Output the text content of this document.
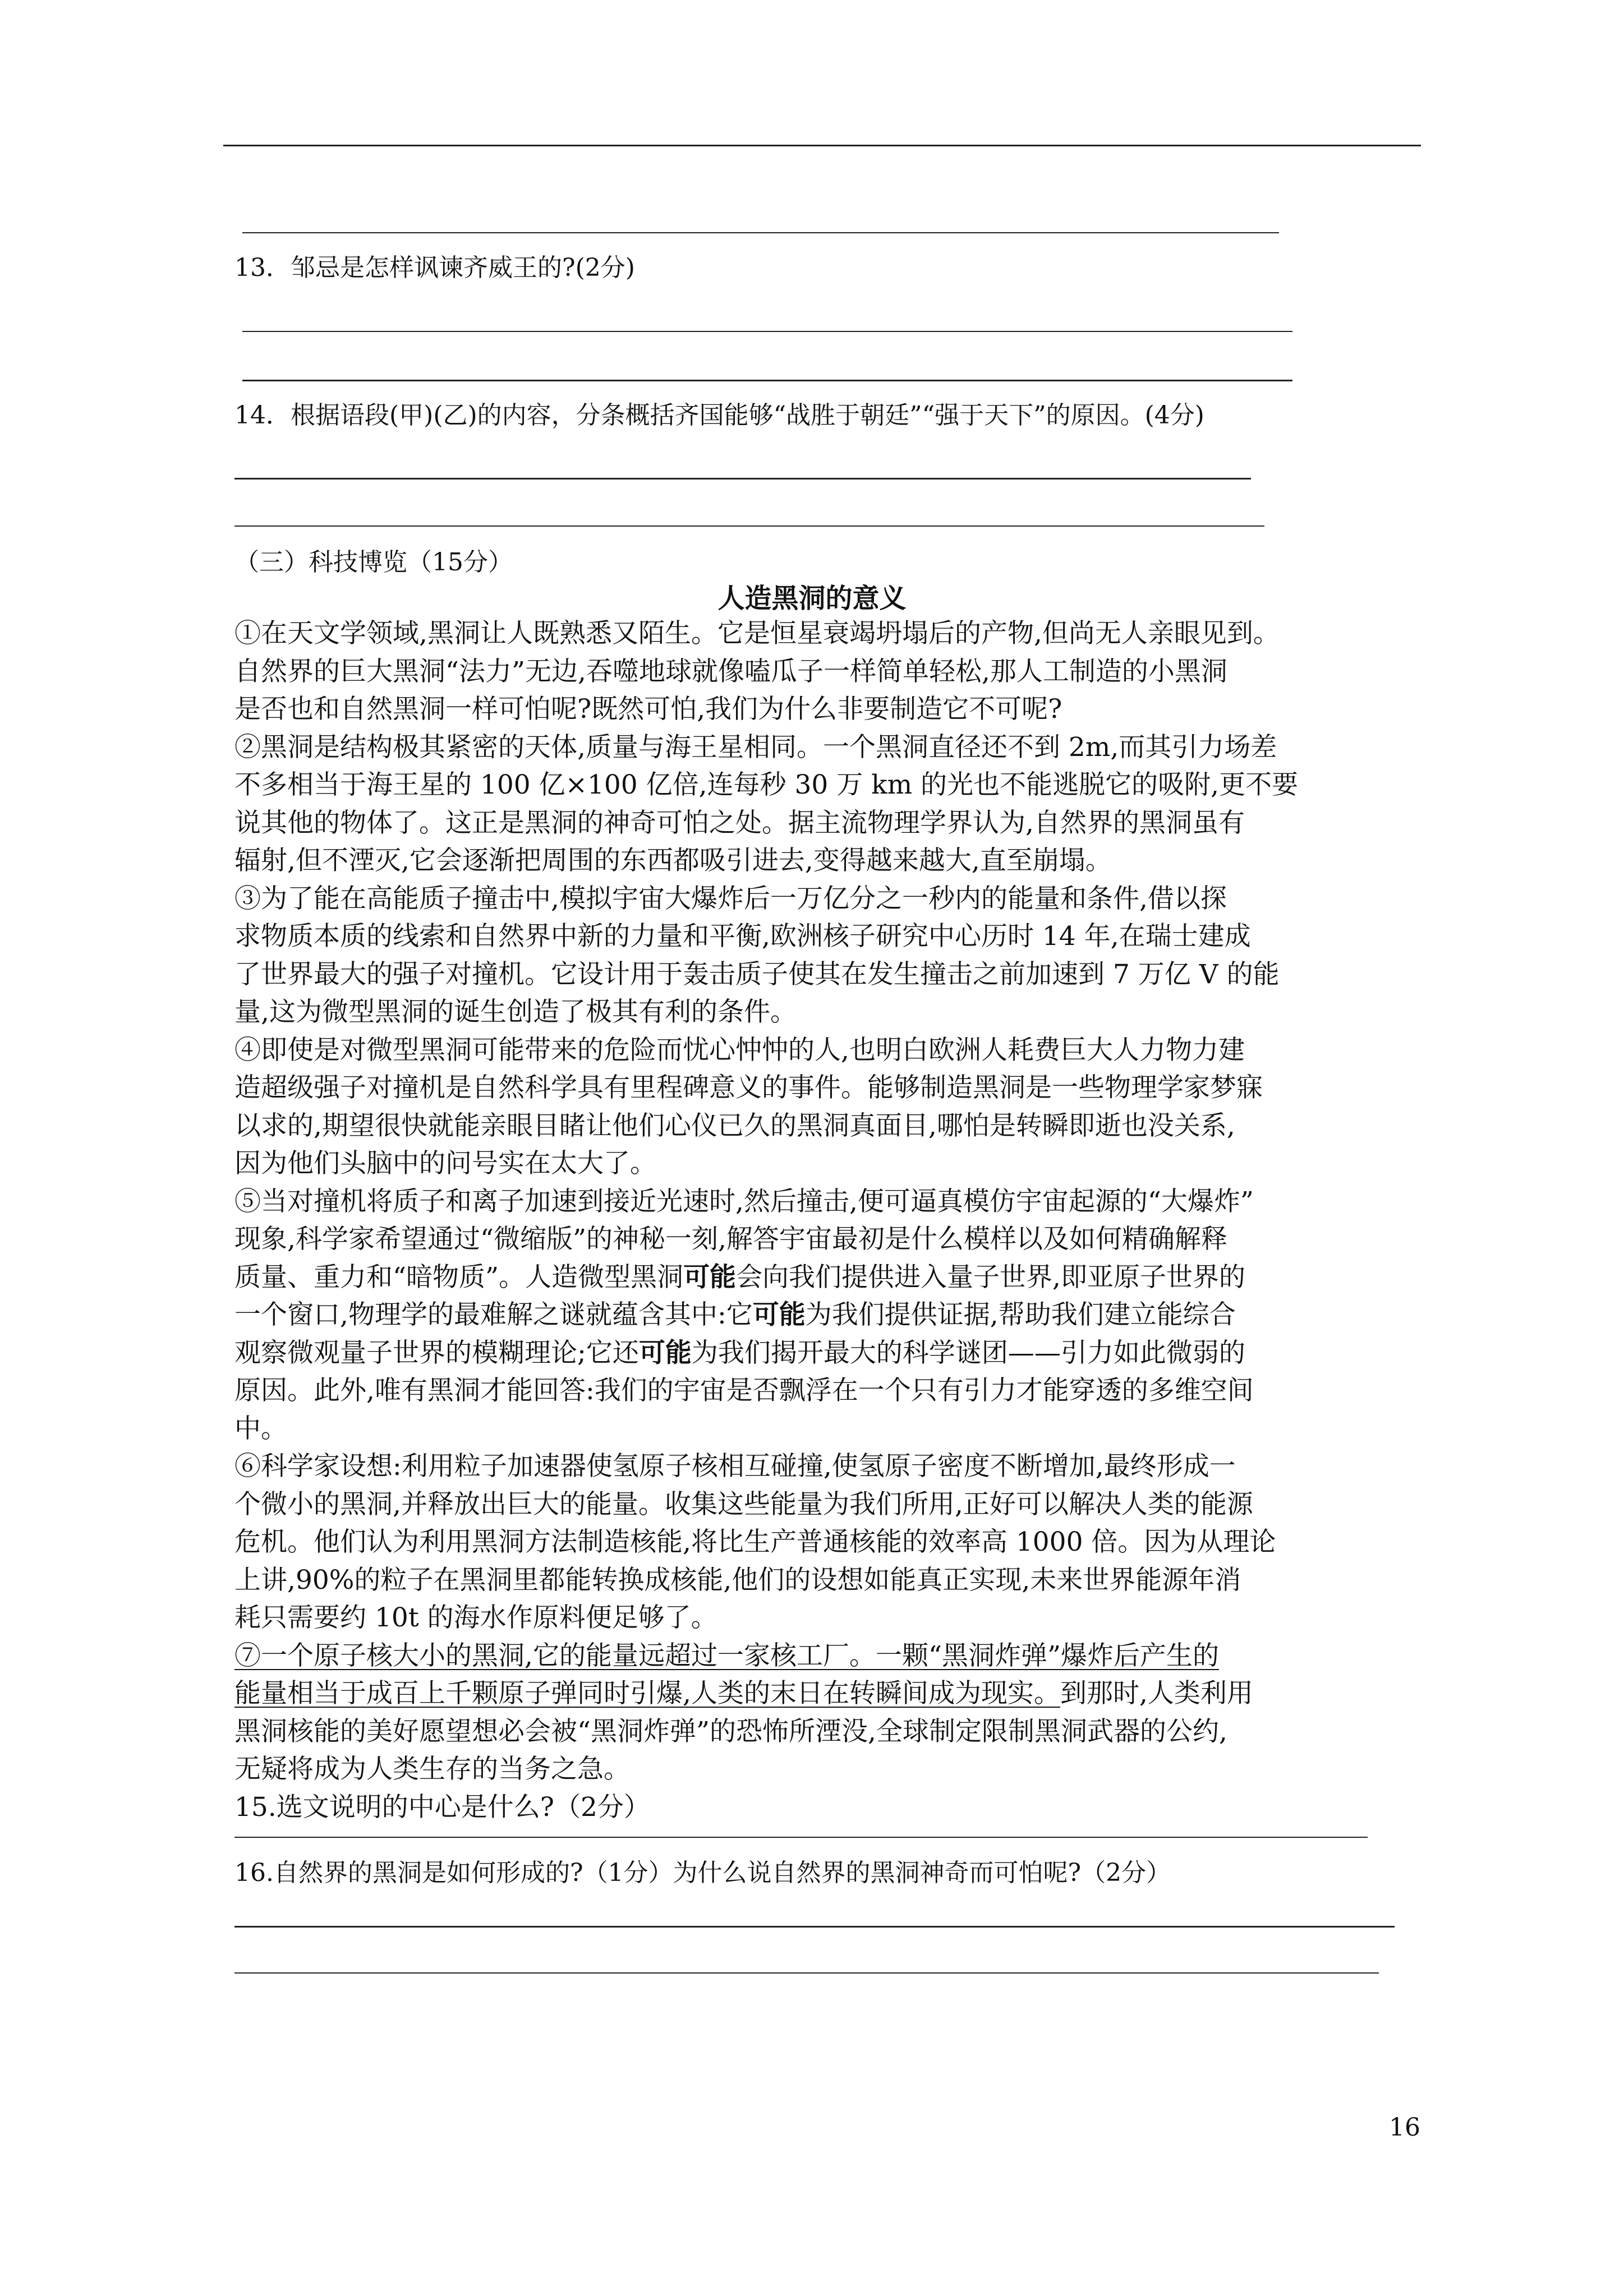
13．邹忌是怎样讽谏齐威王的?(2分)
14．根据语段(甲)(乙)的内容，分条概括齐国能够“战胜于朝廷”“强于天下”的原因。(4分)
（三）科技博览（15分）
人造黑洞的意义
①在天文学领域,黑洞让人既熟悉又陌生。它是恒星衰竭坍塌后的产物,但尚无人亲眼见到。
自然界的巨大黑洞“法力”无边,吞噬地球就像嗑瓜子一样简单轻松,那人工制造的小黑洞
是否也和自然黑洞一样可怕呢?既然可怕,我们为什么非要制造它不可呢?
②黑洞是结构极其紧密的天体,质量与海王星相同。一个黑洞直径还不到 2m,而其引力场差
不多相当于海王星的 100 亿×100 亿倍,连每秒 30 万 km 的光也不能逃脱它的吸附,更不要
说其他的物体了。这正是黑洞的神奇可怕之处。据主流物理学界认为,自然界的黑洞虽有
辐射,但不湮灭,它会逐渐把周围的东西都吸引进去,变得越来越大,直至崩塌。
③为了能在高能质子撞击中,模拟宇宙大爆炸后一万亿分之一秒内的能量和条件,借以探
求物质本质的线索和自然界中新的力量和平衡,欧洲核子研究中心历时 14 年,在瑞士建成
了世界最大的强子对撞机。它设计用于轰击质子使其在发生撞击之前加速到 7 万亿 V 的能
量,这为微型黑洞的诞生创造了极其有利的条件。
④即使是对微型黑洞可能带来的危险而忧心忡忡的人,也明白欧洲人耗费巨大人力物力建
造超级强子对撞机是自然科学具有里程碑意义的事件。能够制造黑洞是一些物理学家梦寐
以求的,期望很快就能亲眼目睹让他们心仪已久的黑洞真面目,哪怕是转瞬即逝也没关系,
因为他们头脑中的问号实在太大了。
⑤当对撞机将质子和离子加速到接近光速时,然后撞击,便可逼真模仿宇宙起源的“大爆炸”
现象,科学家希望通过“微缩版”的神秘一刻,解答宇宙最初是什么模样以及如何精确解释
质量、重力和“暗物质”。人造微型黑洞可能会向我们提供进入量子世界,即亚原子世界的
一个窗口,物理学的最难解之谜就蕴含其中:它可能为我们提供证据,帮助我们建立能综合
观察微观量子世界的模糊理论;它还可能为我们揭开最大的科学谜团——引力如此微弱的
原因。此外,唯有黑洞才能回答:我们的宇宙是否飘浮在一个只有引力才能穿透的多维空间
中。
⑥科学家设想:利用粒子加速器使氢原子核相互碰撞,使氢原子密度不断增加,最终形成一
个微小的黑洞,并释放出巨大的能量。收集这些能量为我们所用,正好可以解决人类的能源
危机。他们认为利用黑洞方法制造核能,将比生产普通核能的效率高 1000 倍。因为从理论
上讲,90%的粒子在黑洞里都能转换成核能,他们的设想如能真正实现,未来世界能源年消
耗只需要约 10t 的海水作原料便足够了。
⑦一个原子核大小的黑洞,它的能量远超过一家核工厂。一颗“黑洞炸弹”爆炸后产生的
能量相当于成百上千颗原子弹同时引爆,人类的末日在转瞬间成为现实。到那时,人类利用
黑洞核能的美好愿望想必会被“黑洞炸弹”的恐怖所湮没,全球制定限制黑洞武器的公约,
无疑将成为人类生存的当务之急。
15.选文说明的中心是什么?（2分）
16.自然界的黑洞是如何形成的?（1分）为什么说自然界的黑洞神奇而可怕呢?（2分）
16
